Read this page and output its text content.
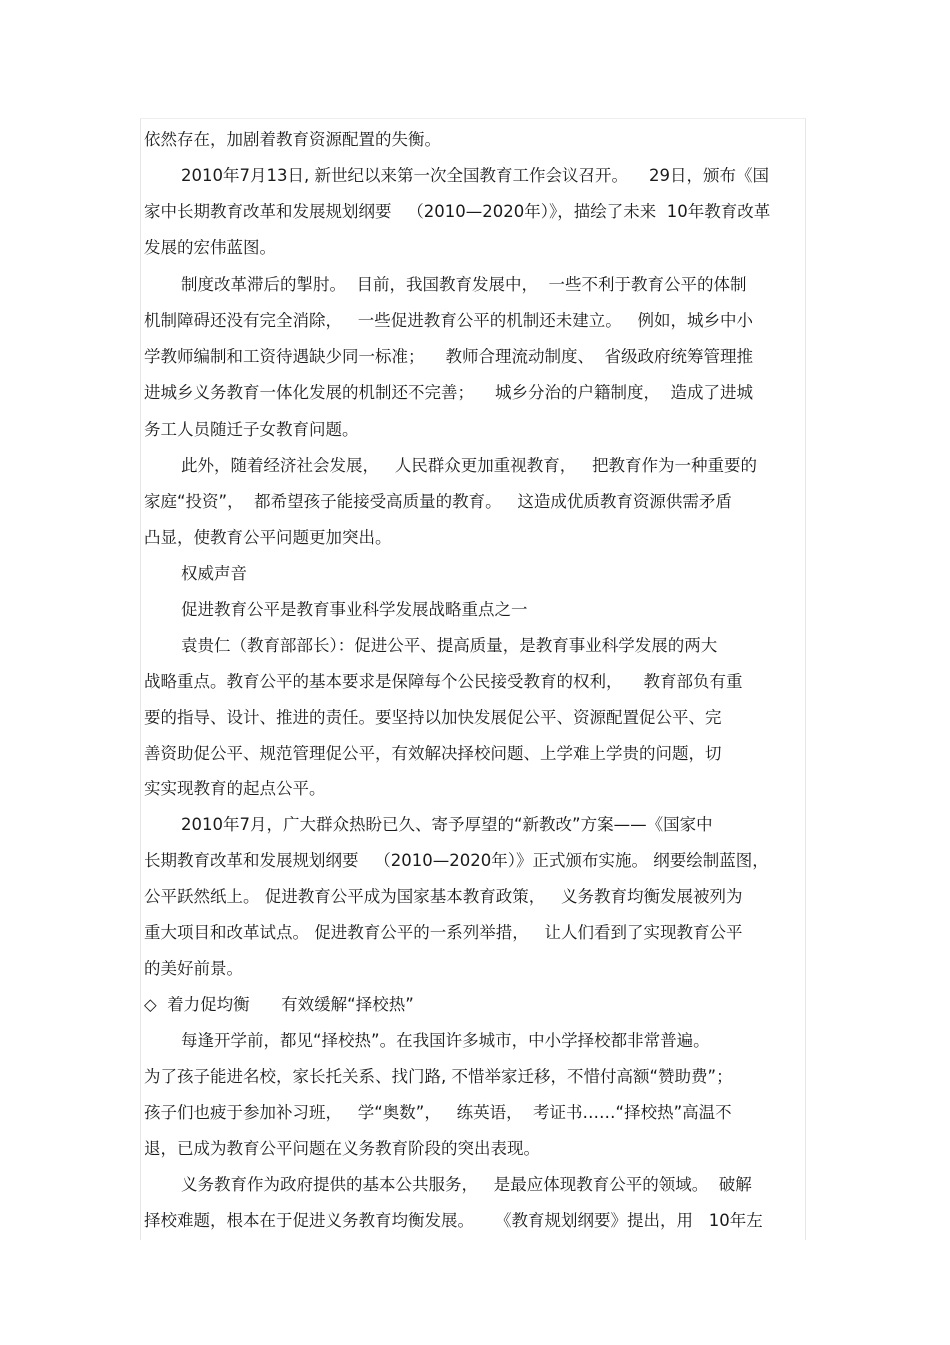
依然存在，加剧着教育资源配置的失衡。
2010年7月13日, 新世纪以来第一次全国教育工作会议召开。    29日，颁布《国
家中长期教育改革和发展规划纲要   （2010—2020年）》，描绘了未来  10年教育改革
发展的宏伟蓝图。
制度改革滞后的掣肘。  目前，我国教育发展中，  一些不利于教育公平的体制
机制障碍还没有完全消除，   一些促进教育公平的机制还未建立。   例如，城乡中小
学教师编制和工资待遇缺少同一标准；    教师合理流动制度、  省级政府统筹管理推
进城乡义务教育一体化发展的机制还不完善；    城乡分治的户籍制度，  造成了进城
务工人员随迁子女教育问题。
此外，随着经济社会发展，   人民群众更加重视教育，   把教育作为一种重要的
家庭“投资”，  都希望孩子能接受高质量的教育。   这造成优质教育资源供需矛盾
凸显，使教育公平问题更加突出。
权威声音
促进教育公平是教育事业科学发展战略重点之一
袁贵仁（教育部部长）：促进公平、提高质量，是教育事业科学发展的两大
战略重点。教育公平的基本要求是保障每个公民接受教育的权利，    教育部负有重
要的指导、设计、推进的责任。要坚持以加快发展促公平、资源配置促公平、完
善资助促公平、规范管理促公平，有效解决择校问题、上学难上学贵的问题，切
实实现教育的起点公平。
2010年7月，广大群众热盼已久、寄予厚望的“新教改”方案——《国家中
长期教育改革和发展规划纲要   （2010—2020年）》正式颁布实施。 纲要绘制蓝图，
公平跃然纸上。 促进教育公平成为国家基本教育政策，   义务教育均衡发展被列为
重大项目和改革试点。 促进教育公平的一系列举措，   让人们看到了实现教育公平
的美好前景。
◇  着力促均衡      有效缓解“择校热”
每逢开学前，都见“择校热”。在我国许多城市，中小学择校都非常普遍。
为了孩子能进名校，家长托关系、找门路, 不惜举家迁移，不惜付高额“赞助费”；
孩子们也疲于参加补习班，   学“奥数”，   练英语，  考证书……“择校热”高温不
退，已成为教育公平问题在义务教育阶段的突出表现。
义务教育作为政府提供的基本公共服务，   是最应体现教育公平的领域。  破解
择校难题，根本在于促进义务教育均衡发展。    《教育规划纲要》提出，用   10年左
